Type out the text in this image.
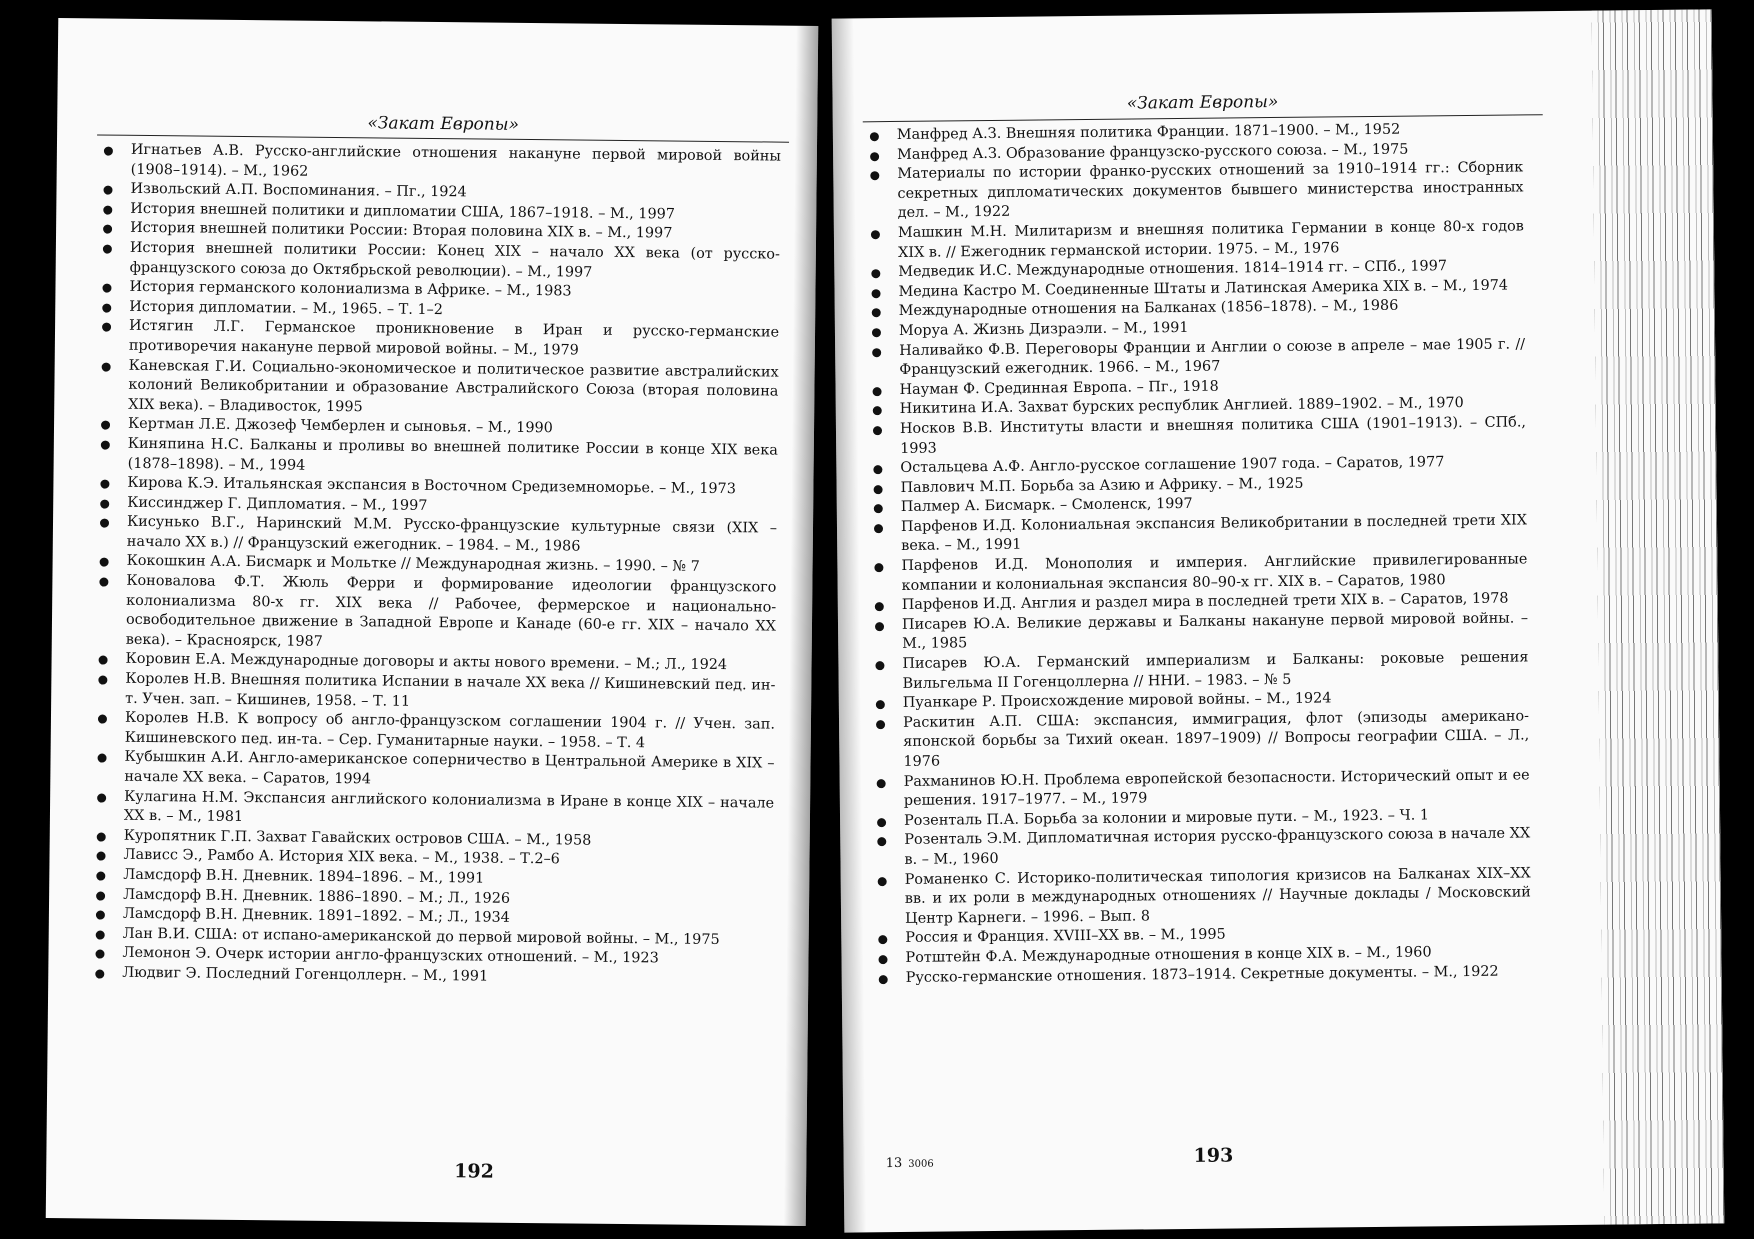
«Закат Европы»
Игнатьев А.В. Русско-английские отношения накануне первой мировой войны (1908–1914). – М., 1962
Извольский А.П. Воспоминания. – Пг., 1924
История внешней политики и дипломатии США, 1867–1918. – М., 1997
История внешней политики России: Вторая половина XIX в. – М., 1997
История внешней политики России: Конец XIX – начало XX века (от русско-французского союза до Октябрьской революции). – М., 1997
История германского колониализма в Африке. – М., 1983
История дипломатии. – М., 1965. – Т. 1–2
Истягин Л.Г. Германское проникновение в Иран и русско-германские противоречия накануне первой мировой войны. – М., 1979
Каневская Г.И. Социально-экономическое и политическое развитие австралийских колоний Великобритании и образование Австралийского Союза (вторая половина XIX века). – Владивосток, 1995
Кертман Л.Е. Джозеф Чемберлен и сыновья. – М., 1990
Киняпина Н.С. Балканы и проливы во внешней политике России в конце XIX века (1878–1898). – М., 1994
Кирова К.Э. Итальянская экспансия в Восточном Средиземноморье. – М., 1973
Киссинджер Г. Дипломатия. – М., 1997
Кисунько В.Г., Наринский М.М. Русско-французские культурные связи (XIX – начало XX в.) // Французский ежегодник. – 1984. – М., 1986
Кокошкин А.А. Бисмарк и Мольтке // Международная жизнь. – 1990. – № 7
Коновалова Ф.Т. Жюль Ферри и формирование идеологии французского колониализма 80-х гг. XIX века // Рабочее, фермерское и национально-освободительное движение в Западной Европе и Канаде (60-е гг. XIX – начало XX века). – Красноярск, 1987
Коровин Е.А. Международные договоры и акты нового времени. – М.; Л., 1924
Королев Н.В. Внешняя политика Испании в начале XX века // Кишиневский пед. ин-т. Учен. зап. – Кишинев, 1958. – Т. 11
Королев Н.В. К вопросу об англо-французском соглашении 1904 г. // Учен. зап. Кишиневского пед. ин-та. – Сер. Гуманитарные науки. – 1958. – Т. 4
Кубышкин А.И. Англо-американское соперничество в Центральной Америке в XIX – начале XX века. – Саратов, 1994
Кулагина Н.М. Экспансия английского колониализма в Иране в конце XIX – начале XX в. – М., 1981
Куропятник Г.П. Захват Гавайских островов США. – М., 1958
Лависс Э., Рамбо А. История XIX века. – М., 1938. – Т.2–6
Ламсдорф В.Н. Дневник. 1894–1896. – М., 1991
Ламсдорф В.Н. Дневник. 1886–1890. – М.; Л., 1926
Ламсдорф В.Н. Дневник. 1891–1892. – М.; Л., 1934
Лан В.И. США: от испано-американской до первой мировой войны. – М., 1975
Лемонон Э. Очерк истории англо-французских отношений. – М., 1923
Людвиг Э. Последний Гогенцоллерн. – М., 1991
192
«Закат Европы»
Манфред А.З. Внешняя политика Франции. 1871–1900. – М., 1952
Манфред А.З. Образование французско-русского союза. – М., 1975
Материалы по истории франко-русских отношений за 1910–1914 гг.: Сборник секретных дипломатических документов бывшего министерства иностранных дел. – М., 1922
Машкин М.Н. Милитаризм и внешняя политика Германии в конце 80-х годов XIX в. // Ежегодник германской истории. 1975. – М., 1976
Медведик И.С. Международные отношения. 1814–1914 гг. – СПб., 1997
Медина Кастро М. Соединенные Штаты и Латинская Америка XIX в. – М., 1974
Международные отношения на Балканах (1856–1878). – М., 1986
Моруа А. Жизнь Дизраэли. – М., 1991
Наливайко Ф.В. Переговоры Франции и Англии о союзе в апреле – мае 1905 г. // Французский ежегодник. 1966. – М., 1967
Науман Ф. Срединная Европа. – Пг., 1918
Никитина И.А. Захват бурских республик Англией. 1889–1902. – М., 1970
Носков В.В. Институты власти и внешняя политика США (1901–1913). – СПб., 1993
Остальцева А.Ф. Англо-русское соглашение 1907 года. – Саратов, 1977
Павлович М.П. Борьба за Азию и Африку. – М., 1925
Палмер А. Бисмарк. – Смоленск, 1997
Парфенов И.Д. Колониальная экспансия Великобритании в последней трети XIX века. – М., 1991
Парфенов И.Д. Монополия и империя. Английские привилегированные компании и колониальная экспансия 80–90-х гг. XIX в. – Саратов, 1980
Парфенов И.Д. Англия и раздел мира в последней трети XIX в. – Саратов, 1978
Писарев Ю.А. Великие державы и Балканы накануне первой мировой войны. – М., 1985
Писарев Ю.А. Германский империализм и Балканы: роковые решения Вильгельма II Гогенцоллерна // ННИ. – 1983. – № 5
Пуанкаре Р. Происхождение мировой войны. – М., 1924
Раскитин А.П. США: экспансия, иммиграция, флот (эпизоды американо-японской борьбы за Тихий океан. 1897–1909) // Вопросы географии США. – Л., 1976
Рахманинов Ю.Н. Проблема европейской безопасности. Исторический опыт и ее решения. 1917–1977. – М., 1979
Розенталь П.А. Борьба за колонии и мировые пути. – М., 1923. – Ч. 1
Розенталь Э.М. Дипломатичная история русско-французского союза в начале XX в. – М., 1960
Романенко С. Историко-политическая типология кризисов на Балканах XIX–XX вв. и их роли в международных отношениях // Научные доклады / Московский Центр Карнеги. – 1996. – Вып. 8
Россия и Франция. XVIII–XX вв. – М., 1995
Ротштейн Ф.А. Международные отношения в конце XIX в. – М., 1960
Русско-германские отношения. 1873–1914. Секретные документы. – М., 1922
13 3006	193
